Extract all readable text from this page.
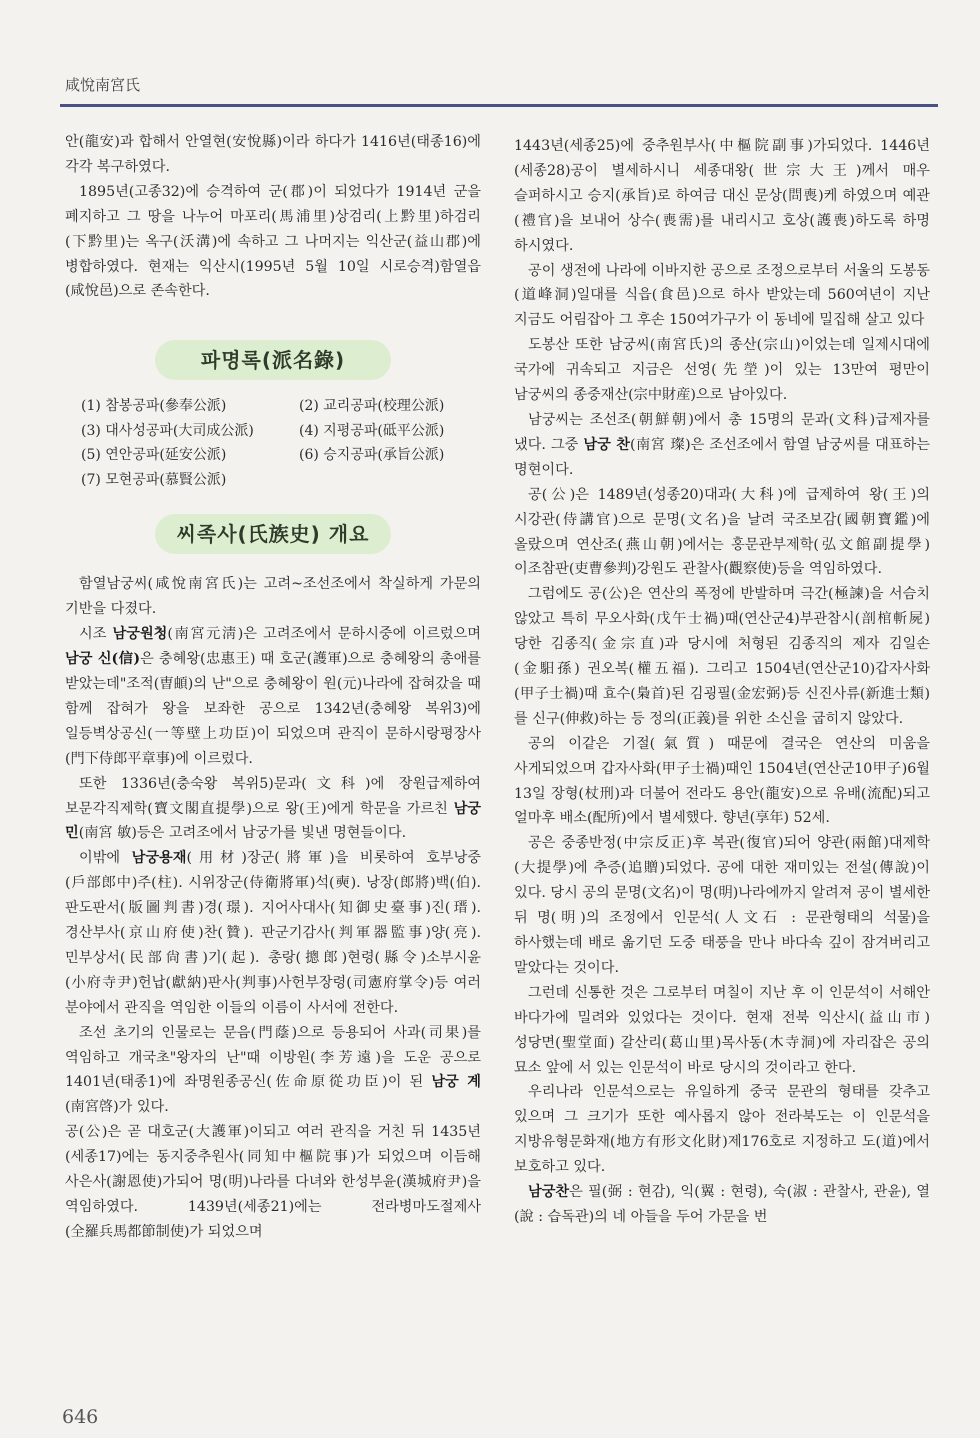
咸悅南宮氏

안(龍安)과 합해서 안열현(安悅縣)이라 하다가 1416년(태종16)에 각각 복구하였다.

1895년(고종32)에 승격하여 군(郡)이 되었다가 1914년 군을 폐지하고 그 땅을 나누어 마포리(馬浦里)상검리(上黔里)하검리(下黔里)는 옥구(沃溝)에 속하고 그 나머지는 익산군(益山郡)에 병합하였다. 현재는 익산시(1995년 5월 10일 시로승격)함열읍(咸悅邑)으로 존속한다.

파명록(派名錄)
(1) 참봉공파(參奉公派)	(2) 교리공파(校理公派)
(3) 대사성공파(大司成公派)	(4) 지평공파(砥平公派)
(5) 연안공파(延安公派)	(6) 승지공파(承旨公派)
(7) 모현공파(慕賢公派)
씨족사(氏族史) 개요

함열남궁씨(咸悅南宮氏)는 고려~조선조에서 착실하게 가문의 기반을 다졌다.

시조 남궁원청(南宮元淸)은 고려조에서 문하시중에 이르렀으며 남궁 신(信)은 충혜왕(忠惠王) 때 호군(護軍)으로 충혜왕의 총애를 받았는데"조적(曺頔)의 난"으로 충혜왕이 원(元)나라에 잡혀갔을 때 함께 잡혀가 왕을 보좌한 공으로 1342년(충혜왕 복위3)에 일등벽상공신(一等壁上功臣)이 되었으며 관직이 문하시랑평장사(門下侍郎平章事)에 이르렀다.

또한 1336년(충숙왕 복위5)문과(文科)에 장원급제하여 보문각직제학(寶文閣直提學)으로 왕(王)에게 학문을 가르친 남궁 민(南宮 敏)등은 고려조에서 남궁가를 빛낸 명현들이다.

이밖에 남궁용재(用材)장군(將軍)을 비롯하여 호부낭중(戶部郎中)주(柱). 시위장군(侍衛將軍)석(奭). 낭장(郎將)백(伯). 판도판서(版圖判書)경(璟). 지어사대사(知御史臺事)진(瑨). 경산부사(京山府使)찬(贊). 판군기감사(判軍器監事)양(亮). 민부상서(民部尙書)기(起). 총랑(摠郎)현령(縣令)소부시윤(小府寺尹)헌납(獻納)판사(判事)사헌부장령(司憲府掌令)등 여러 분야에서 관직을 역임한 이들의 이름이 사서에 전한다.

조선 초기의 인물로는 문음(門蔭)으로 등용되어 사과(司果)를 역임하고 개국초"왕자의 난"때 이방원(李芳遠)을 도운 공으로 1401년(태종1)에 좌명원종공신(佐命原從功臣)이 된 남궁 계(南宮啓)가 있다.

공(公)은 곧 대호군(大護軍)이되고 여러 관직을 거친 뒤 1435년(세종17)에는 동지중추원사(同知中樞院事)가 되었으며 이듬해 사은사(謝恩使)가되어 명(明)나라를 다녀와 한성부윤(漢城府尹)을 역임하였다. 1439년(세종21)에는 전라병마도절제사(全羅兵馬都節制使)가 되었으며

1443년(세종25)에 중추원부사(中樞院副事)가되었다. 1446년(세종28)공이 별세하시니 세종대왕(世宗大王)께서 매우 슬퍼하시고 승지(承旨)로 하여금 대신 문상(問喪)케 하였으며 예관(禮官)을 보내어 상수(喪需)를 내리시고 호상(護喪)하도록 하명 하시였다.

공이 생전에 나라에 이바지한 공으로 조정으로부터 서울의 도봉동(道峰洞)일대를 식읍(食邑)으로 하사 받았는데 560여년이 지난 지금도 어림잡아 그 후손 150여가구가 이 동네에 밀집해 살고 있다

도봉산 또한 남궁씨(南宮氏)의 종산(宗山)이었는데 일제시대에 국가에 귀속되고 지금은 선영(先塋)이 있는 13만여 평만이 남궁씨의 종중재산(宗中財産)으로 남아있다.

남궁씨는 조선조(朝鮮朝)에서 총 15명의 문과(文科)급제자를 냈다. 그중 남궁 찬(南宮 璨)은 조선조에서 함열 남궁씨를 대표하는 명현이다.

공(公)은 1489년(성종20)대과(大科)에 급제하여 왕(王)의 시강관(侍講官)으로 문명(文名)을 날려 국조보감(國朝寶鑑)에 올랐으며 연산조(燕山朝)에서는 홍문관부제학(弘文館副提學) 이조참판(吏曹參判)강원도 관찰사(觀察使)등을 역임하였다.

그럼에도 공(公)은 연산의 폭정에 반발하며 극간(極諫)을 서슴치 않았고 특히 무오사화(戊午士禍)때(연산군4)부관참시(剖棺斬屍)당한 김종직(金宗直)과 당시에 처형된 김종직의 제자 김일손(金馹孫) 권오복(權五福). 그리고 1504년(연산군10)갑자사화(甲子士禍)때 효수(梟首)된 김굉필(金宏弼)등 신진사류(新進士類)를 신구(伸救)하는 등 정의(正義)를 위한 소신을 굽히지 않았다.

공의 이같은 기절(氣質) 때문에 결국은 연산의 미움을 사게되었으며 갑자사화(甲子士禍)때인 1504년(연산군10甲子)6월 13일 장형(杖刑)과 더불어 전라도 용안(龍安)으로 유배(流配)되고 얼마후 배소(配所)에서 별세했다. 향년(享年) 52세.

공은 중종반정(中宗反正)후 복관(復官)되어 양관(兩館)대제학(大提學)에 추증(追贈)되었다. 공에 대한 재미있는 전설(傳說)이 있다. 당시 공의 문명(文名)이 명(明)나라에까지 알려져 공이 별세한 뒤 명(明)의 조정에서 인문석(人文石 : 문관형태의 석물)을 하사했는데 배로 옮기던 도중 태풍을 만나 바다속 깊이 잠겨버리고 말았다는 것이다.

그런데 신통한 것은 그로부터 며칠이 지난 후 이 인문석이 서해안 바다가에 밀려와 있었다는 것이다. 현재 전북 익산시(益山市) 성당면(聖堂面) 갈산리(葛山里)목사동(木寺洞)에 자리잡은 공의 묘소 앞에 서 있는 인문석이 바로 당시의 것이라고 한다.

우리나라 인문석으로는 유일하게 중국 문관의 형태를 갖추고 있으며 그 크기가 또한 예사롭지 않아 전라북도는 이 인문석을 지방유형문화재(地方有形文化財)제176호로 지정하고 도(道)에서 보호하고 있다.

남궁찬은 필(弼 : 현감), 익(翼 : 현령), 숙(淑 : 관찰사, 관윤), 열(說 : 습독관)의 네 아들을 두어 가문을 번

646
